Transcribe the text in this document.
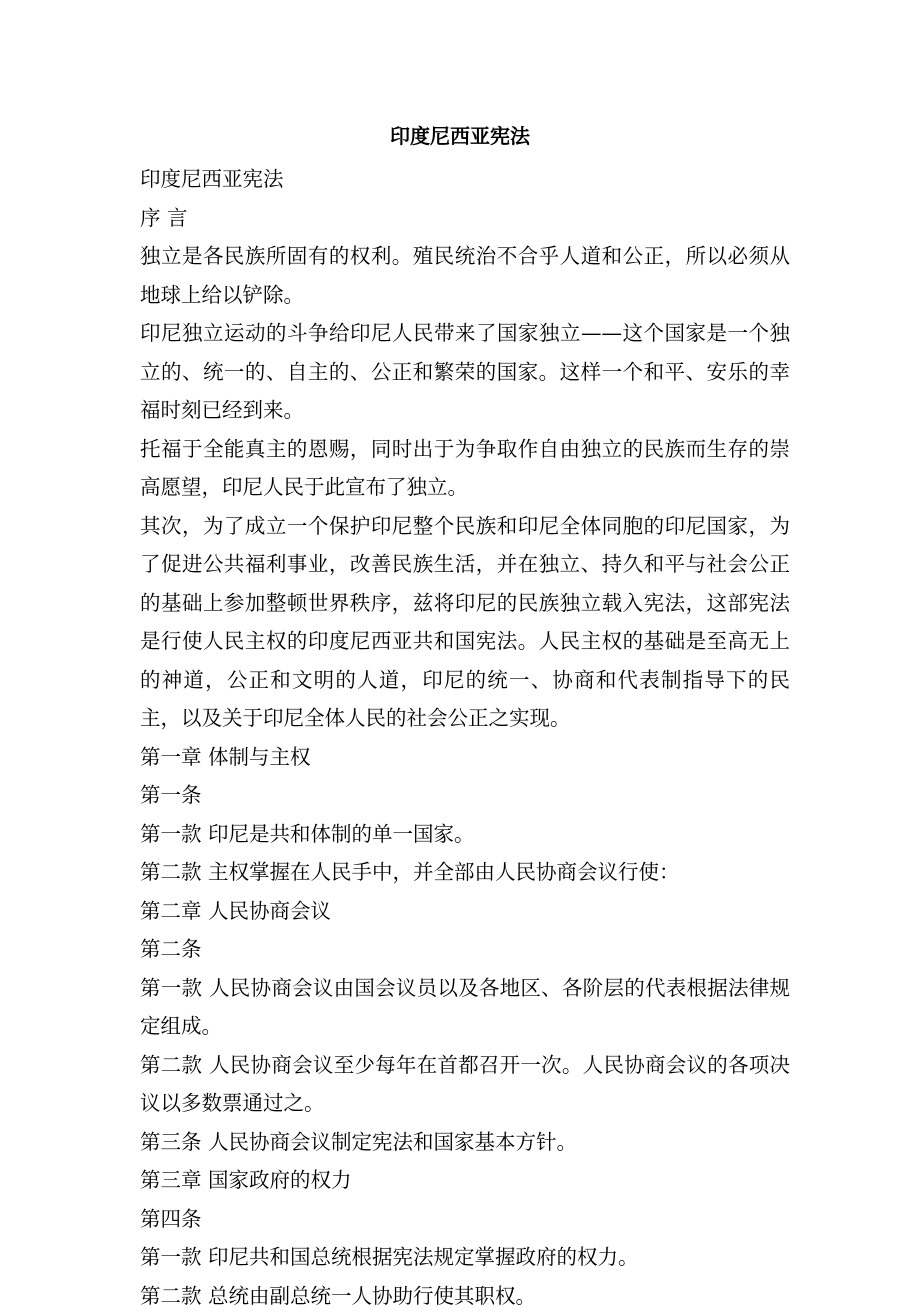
印度尼西亚宪法

印度尼西亚宪法

序 言

独立是各民族所固有的权利。殖民统治不合乎人道和公正，所以必须从地球上给以铲除。

印尼独立运动的斗争给印尼人民带来了国家独立——这个国家是一个独立的、统一的、自主的、公正和繁荣的国家。这样一个和平、安乐的幸福时刻已经到来。

托福于全能真主的恩赐，同时出于为争取作自由独立的民族而生存的崇高愿望，印尼人民于此宣布了独立。

其次，为了成立一个保护印尼整个民族和印尼全体同胞的印尼国家，为了促进公共福利事业，改善民族生活，并在独立、持久和平与社会公正的基础上参加整顿世界秩序，兹将印尼的民族独立载入宪法，这部宪法是行使人民主权的印度尼西亚共和国宪法。人民主权的基础是至高无上的神道，公正和文明的人道，印尼的统一、协商和代表制指导下的民主，以及关于印尼全体人民的社会公正之实现。

第一章 体制与主权

第一条

第一款 印尼是共和体制的单一国家。

第二款 主权掌握在人民手中，并全部由人民协商会议行使：

第二章 人民协商会议

第二条

第一款 人民协商会议由国会议员以及各地区、各阶层的代表根据法律规定组成。

第二款 人民协商会议至少每年在首都召开一次。人民协商会议的各项决议以多数票通过之。

第三条 人民协商会议制定宪法和国家基本方针。

第三章 国家政府的权力

第四条

第一款 印尼共和国总统根据宪法规定掌握政府的权力。

第二款 总统由副总统一人协助行使其职权。
